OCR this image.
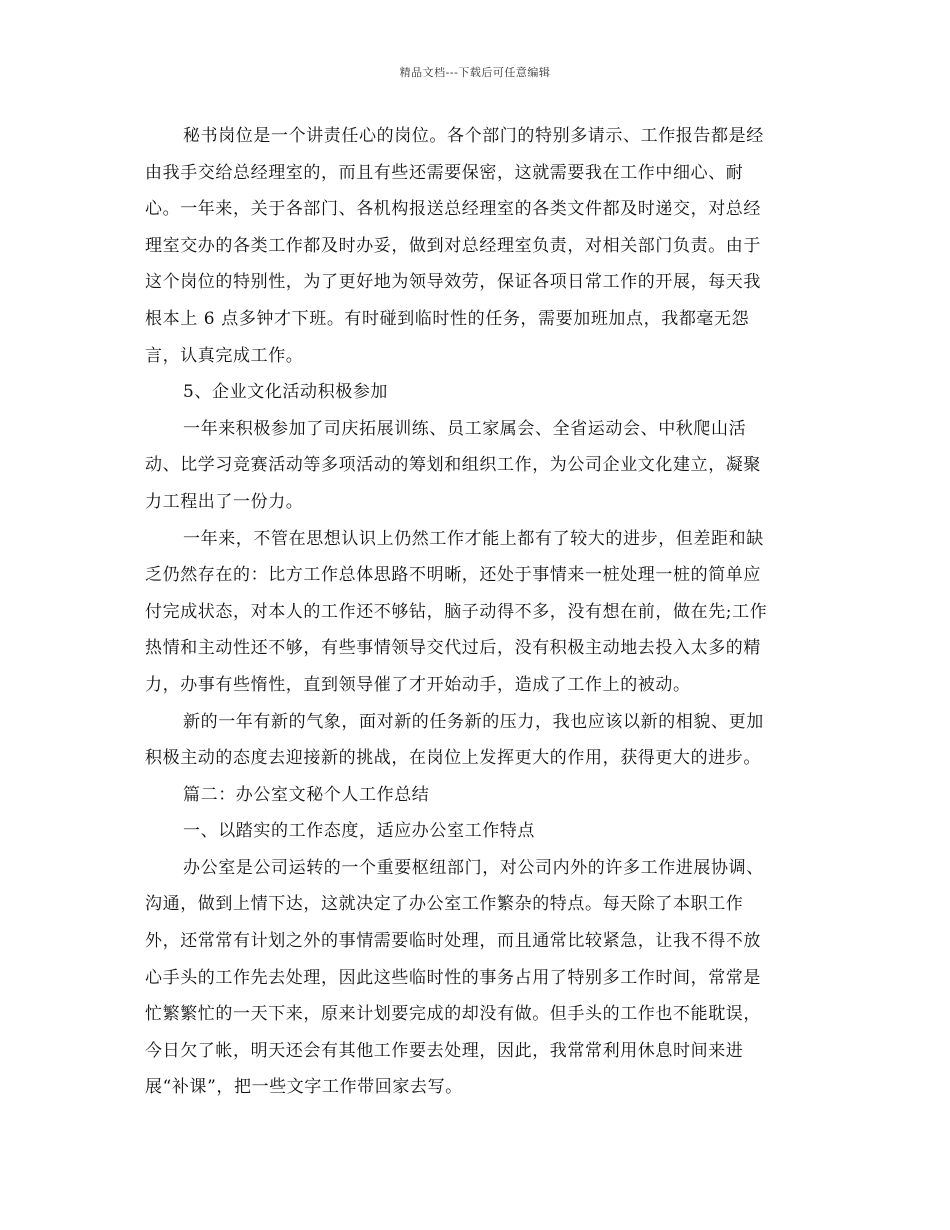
精品文档---下载后可任意编辑
秘书岗位是一个讲责任心的岗位。各个部门的特别多请示、工作报告都是经
由我手交给总经理室的，而且有些还需要保密，这就需要我在工作中细心、耐
心。一年来，关于各部门、各机构报送总经理室的各类文件都及时递交，对总经
理室交办的各类工作都及时办妥，做到对总经理室负责，对相关部门负责。由于
这个岗位的特别性，为了更好地为领导效劳，保证各项日常工作的开展，每天我
根本上 6 点多钟才下班。有时碰到临时性的任务，需要加班加点，我都毫无怨
言，认真完成工作。
5、企业文化活动积极参加
一年来积极参加了司庆拓展训练、员工家属会、全省运动会、中秋爬山活
动、比学习竞赛活动等多项活动的筹划和组织工作，为公司企业文化建立，凝聚
力工程出了一份力。
一年来，不管在思想认识上仍然工作才能上都有了较大的进步，但差距和缺
乏仍然存在的：比方工作总体思路不明晰，还处于事情来一桩处理一桩的简单应
付完成状态，对本人的工作还不够钻，脑子动得不多，没有想在前，做在先;工作
热情和主动性还不够，有些事情领导交代过后，没有积极主动地去投入太多的精
力，办事有些惰性，直到领导催了才开始动手，造成了工作上的被动。
新的一年有新的气象，面对新的任务新的压力，我也应该以新的相貌、更加
积极主动的态度去迎接新的挑战，在岗位上发挥更大的作用，获得更大的进步。
篇二：办公室文秘个人工作总结
一、以踏实的工作态度，适应办公室工作特点
办公室是公司运转的一个重要枢纽部门，对公司内外的许多工作进展协调、
沟通，做到上情下达，这就决定了办公室工作繁杂的特点。每天除了本职工作
外，还常常有计划之外的事情需要临时处理，而且通常比较紧急，让我不得不放
心手头的工作先去处理，因此这些临时性的事务占用了特别多工作时间，常常是
忙繁繁忙的一天下来，原来计划要完成的却没有做。但手头的工作也不能耽误，
今日欠了帐，明天还会有其他工作要去处理，因此，我常常利用休息时间来进
展“补课”，把一些文字工作带回家去写。
